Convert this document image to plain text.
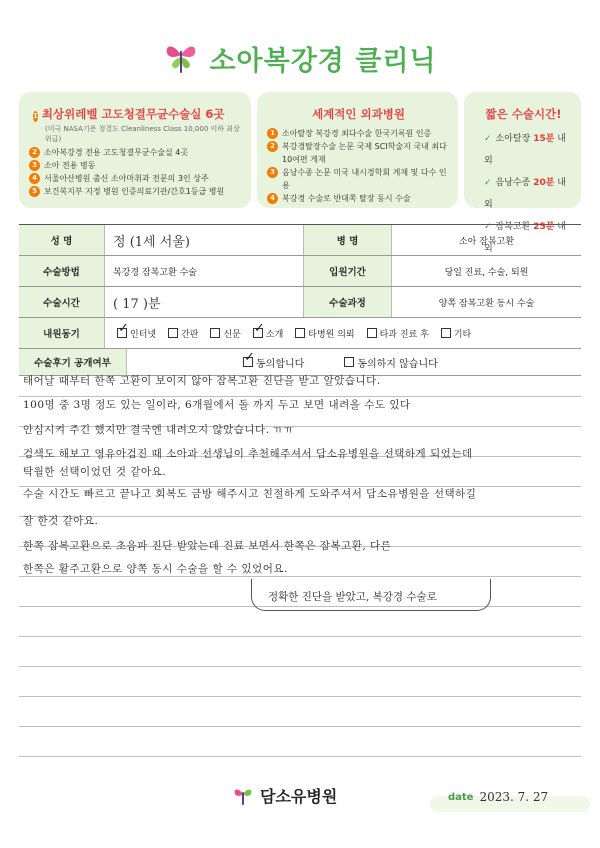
소아복강경 클리닉
1 최상위레벨 고도청결무균수술실 6곳
(미국 NASA기준 청결도 Cleanliness Class 10,000 이하 최상위급)
2 소아복강경 전용 고도청결무균수술실 4곳
3 소아 전용 병동
4 서울아산병원 출신 소아마취과 전문의 3인 상주
5 보건복지부 지정 병원 인증의료기관/간호1등급 병원
세계적인 외과병원
1 소아탈장 복강경 최다수술 한국기록원 인증
2 복강경탈장수술 논문 국제 SCI학술지 국내 최다 10여편 게재
3 음낭수종 논문 미국 내시경학회 게재 및 다수 인용
4 복강경 수술로 반대쪽 탈장 동시 수술
짧은 수술시간!
✓ 소아탈장 15분 내외
✓ 음낭수종 20분 내외
✓ 잠복고환 25분 내외
성 명	정 (1세 서울)	병 명	소아 잠복고환
수술방법	복강경 잠복고환 수술	입원기간	당일 진료, 수술, 퇴원
수술시간	( 17 )분	수술과정	양쪽 잠복고환 동시 수술
내원동기 ✓	인터넷	간판	신문 ✓	소개	타병원 의뢰	타과 진료 후	기타
수술후기 공개여부 ✓	동의합니다	동의하지 않습니다
태어날 때부터 한쪽 고환이 보이지 않아 잠복고환 진단을 받고 알았습니다.
100명 중 3명 정도 있는 일이라, 6개월에서 돌 까지 두고 보면 내려올 수도 있다
안심시켜 주긴 했지만 결국엔 내려오지 않았습니다. ㅠㅠ
검색도 해보고 영유아검진 때 소아과 선생님이 추천해주셔서 담소유병원을 선택하게 되었는데
탁월한 선택이었던 것 같아요.
수술 시간도 빠르고 끝나고 회복도 금방 해주시고 친절하게 도와주셔서 담소유병원을 선택하길
잘 한것 같아요.
한쪽 잠복고환으로 초음파 진단 받았는데 진료 보면서 한쪽은 잠복고환, 다른
한쪽은 활주고환으로 양쪽 동시 수술을 할 수 있었어요.
정확한 진단을 받았고, 복강경 수술로
담소유병원	date 2023. 7. 27
